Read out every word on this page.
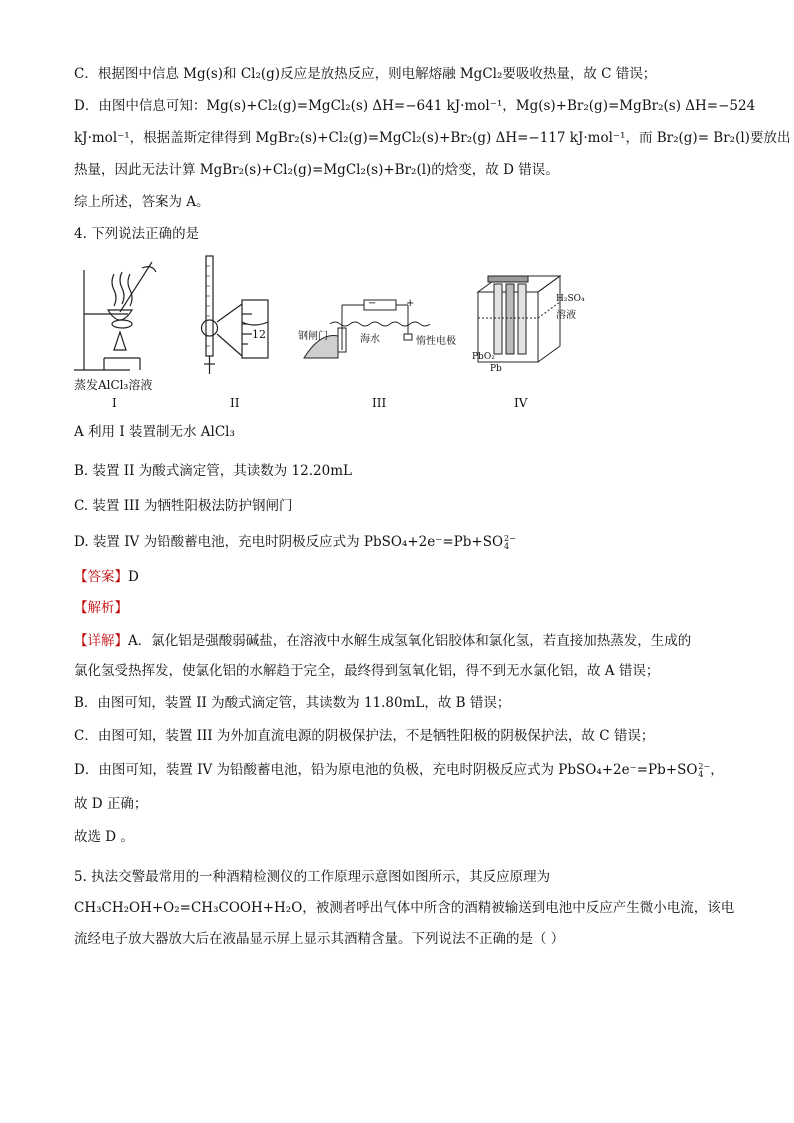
C．根据图中信息 Mg(s)和 Cl₂(g)反应是放热反应，则电解熔融 MgCl₂要吸收热量，故 C 错误；
D．由图中信息可知：Mg(s)+Cl₂(g)=MgCl₂(s) ΔH=−641 kJ·mol⁻¹，Mg(s)+Br₂(g)=MgBr₂(s) ΔH=−524
kJ·mol⁻¹，根据盖斯定律得到 MgBr₂(s)+Cl₂(g)=MgCl₂(s)+Br₂(g) ΔH=−117 kJ·mol⁻¹，而 Br₂(g)= Br₂(l)要放出
热量，因此无法计算 MgBr₂(s)+Cl₂(g)=MgCl₂(s)+Br₂(l)的焓变，故 D 错误。
综上所述，答案为 A。
4. 下列说法正确的是
蒸发AlCl₃溶液
I
12
II
−	+
钢闸门	海水	惰性电极
III
H₂SO₄
溶液
PbO₂
Pb
IV
A 利用 I 装置制无水 AlCl₃
B. 装置 II 为酸式滴定管，其读数为 12.20mL
C. 装置 III 为牺牲阳极法防护钢闸门
D. 装置 IV 为铅酸蓄电池，充电时阴极反应式为 PbSO₄+2e⁻=Pb+SO 2−
4
【答案】D
【解析】
【详解】A．氯化铝是强酸弱碱盐，在溶液中水解生成氢氧化铝胶体和氯化氢，若直接加热蒸发，生成的
氯化氢受热挥发，使氯化铝的水解趋于完全，最终得到氢氧化铝，得不到无水氯化铝，故 A 错误；
B．由图可知，装置 II 为酸式滴定管，其读数为 11.80mL，故 B 错误；
C．由图可知，装置 III 为外加直流电源的阴极保护法，不是牺牲阳极的阴极保护法，故 C 错误；
D．由图可知，装置 IV 为铅酸蓄电池，铅为原电池的负极，充电时阴极反应式为 PbSO₄+2e⁻=Pb+SO 2−
4 ，
故 D 正确；
故选 D 。
5. 执法交警最常用的一种酒精检测仪的工作原理示意图如图所示，其反应原理为
CH₃CH₂OH+O₂=CH₃COOH+H₂O，被测者呼出气体中所含的酒精被输送到电池中反应产生微小电流，该电
流经电子放大器放大后在液晶显示屏上显示其酒精含量。下列说法不正确的是（ ）
